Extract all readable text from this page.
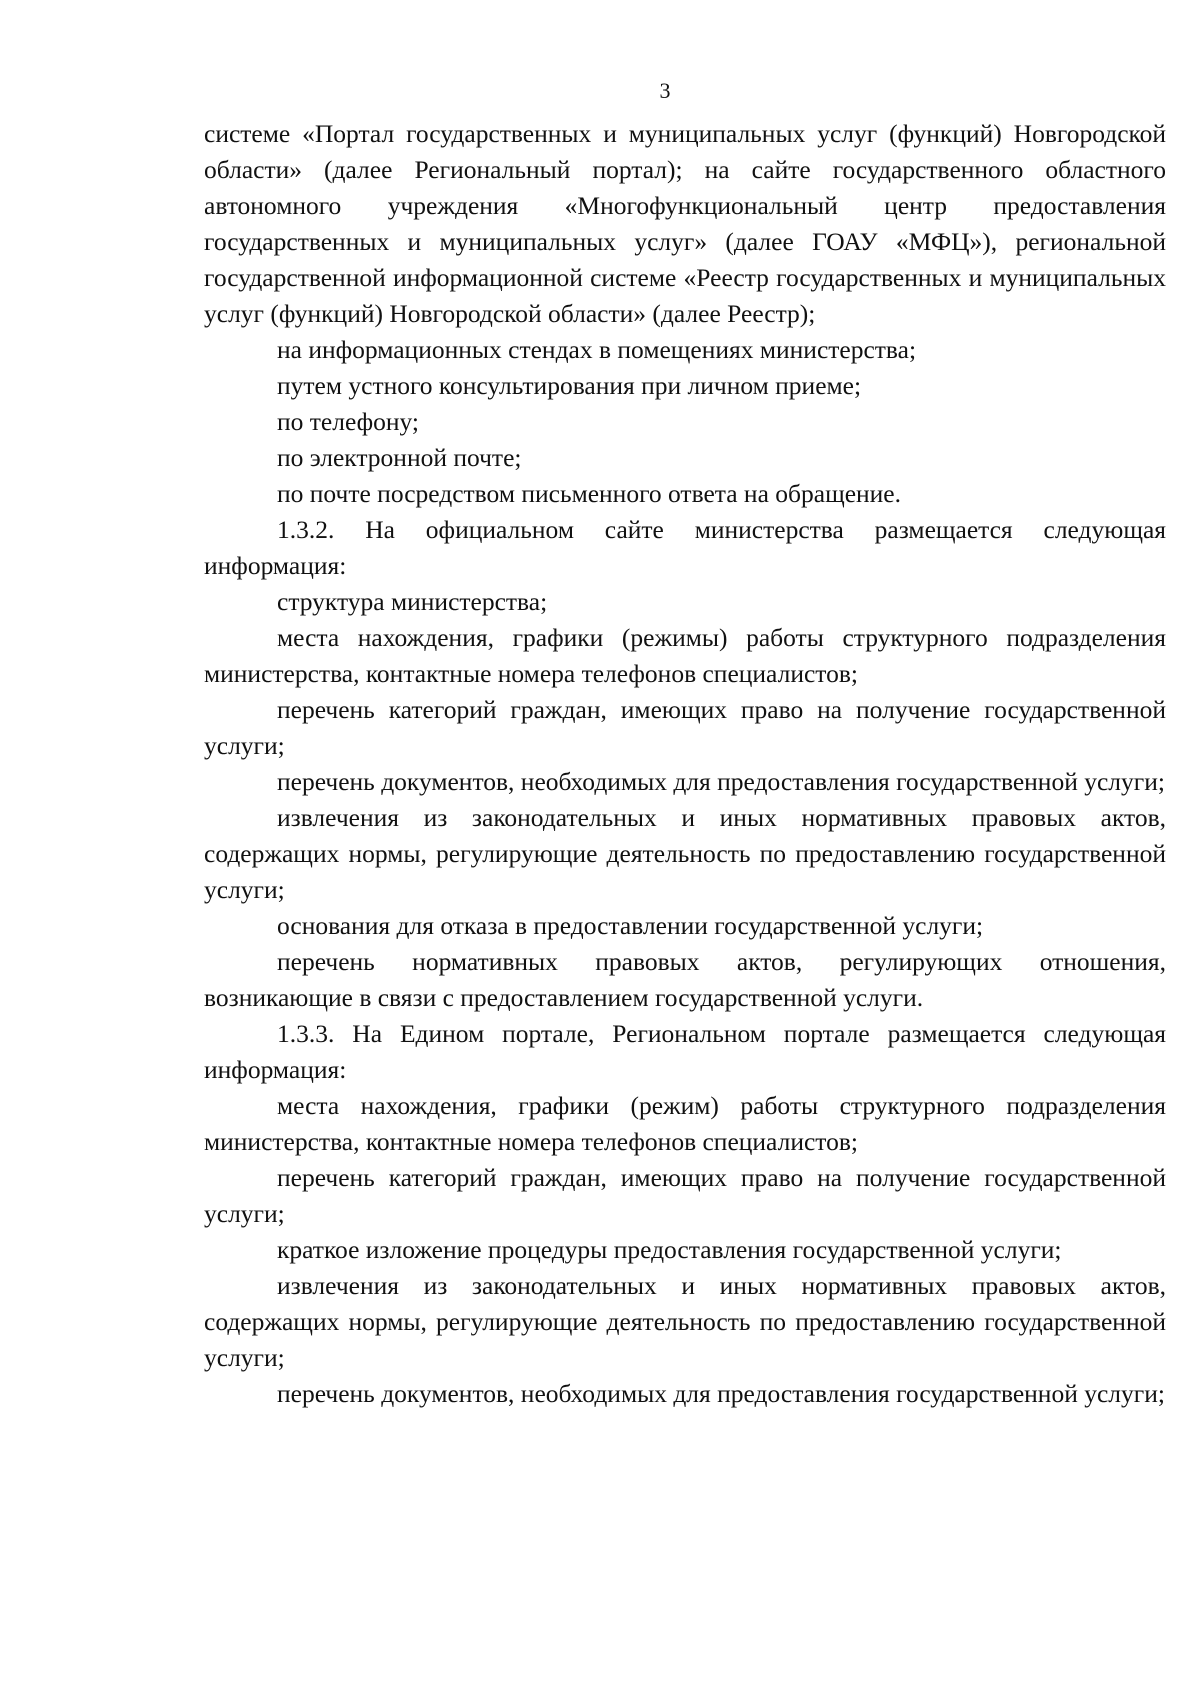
3

системе «Портал государственных и муниципальных услуг (функций) Новгородской области» (далее Региональный портал); на сайте государственного областного автономного учреждения «Многофункциональный центр предоставления государственных и муниципальных услуг» (далее ГОАУ «МФЦ»), региональной государственной информационной системе «Реестр государственных и муниципальных услуг (функций) Новгородской области» (далее Реестр);

на информационных стендах в помещениях министерства;

путем устного консультирования при личном приеме;

по телефону;

по электронной почте;

по почте посредством письменного ответа на обращение.

1.3.2. На официальном сайте министерства размещается следующая информация:

структура министерства;

места нахождения, графики (режимы) работы структурного подразделения министерства, контактные номера телефонов специалистов;

перечень категорий граждан, имеющих право на получение государственной услуги;

перечень документов, необходимых для предоставления государственной услуги;

извлечения из законодательных и иных нормативных правовых актов, содержащих нормы, регулирующие деятельность по предоставлению государственной услуги;

основания для отказа в предоставлении государственной услуги;

перечень нормативных правовых актов, регулирующих отношения, возникающие в связи с предоставлением государственной услуги.

1.3.3. На Едином портале, Региональном портале размещается следующая информация:

места нахождения, графики (режим) работы структурного подразделения министерства, контактные номера телефонов специалистов;

перечень категорий граждан, имеющих право на получение государственной услуги;

краткое изложение процедуры предоставления государственной услуги;

извлечения из законодательных и иных нормативных правовых актов, содержащих нормы, регулирующие деятельность по предоставлению государственной услуги;

перечень документов, необходимых для предоставления государственной услуги;
